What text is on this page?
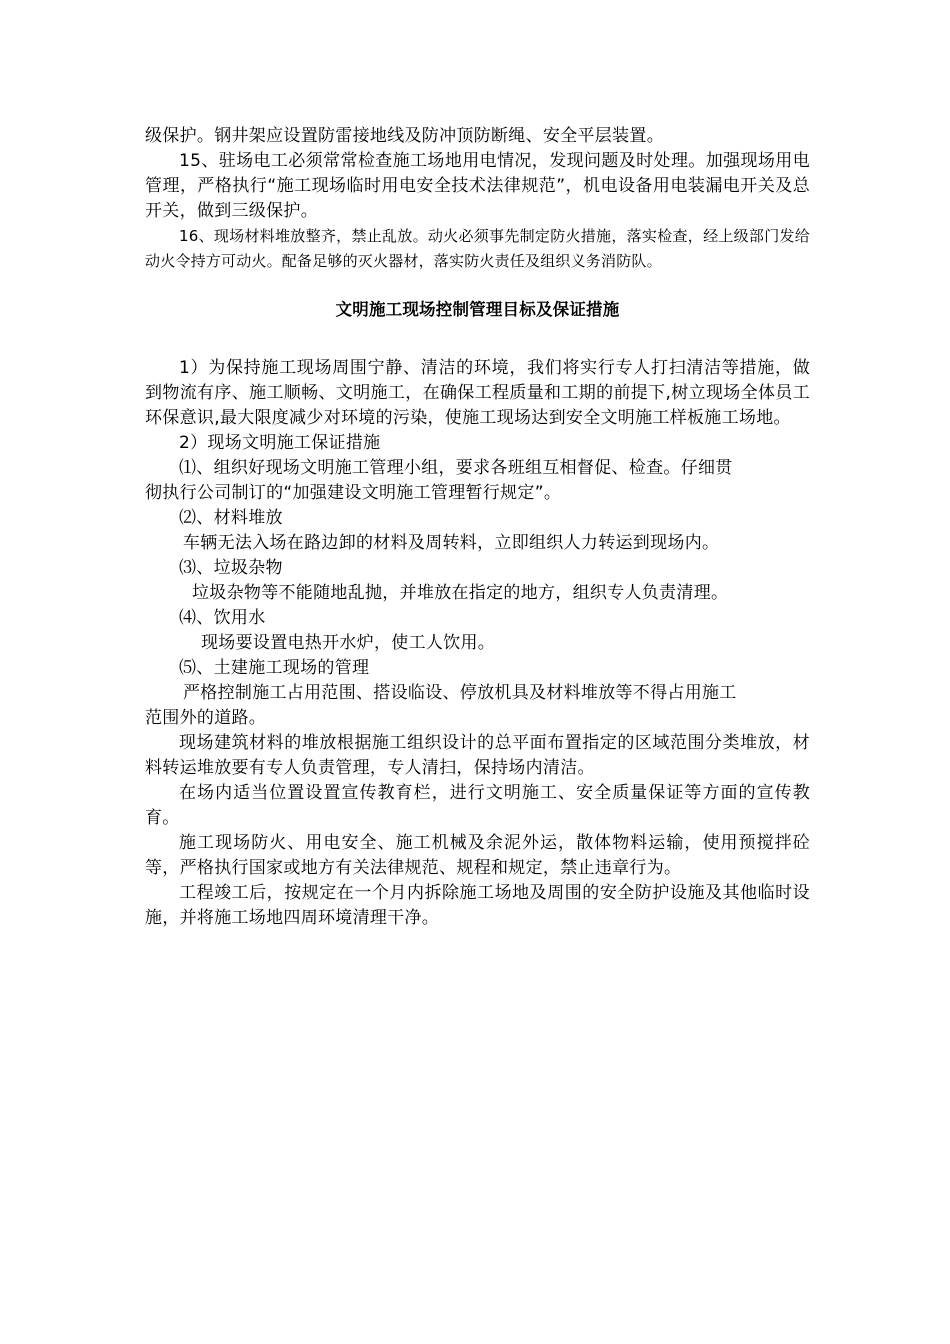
级保护。钢井架应设置防雷接地线及防冲顶防断绳、安全平层装置。

15、驻场电工必须常常检查施工场地用电情况，发现问题及时处理。加强现场用电管理，严格执行“施工现场临时用电安全技术法律规范”，机电设备用电装漏电开关及总开关，做到三级保护。

16、现场材料堆放整齐，禁止乱放。动火必须事先制定防火措施，落实检查，经上级部门发给动火令持方可动火。配备足够的灭火器材，落实防火责任及组织义务消防队。

文明施工现场控制管理目标及保证措施

1）为保持施工现场周围宁静、清洁的环境，我们将实行专人打扫清洁等措施，做到物流有序、施工顺畅、文明施工，在确保工程质量和工期的前提下,树立现场全体员工环保意识,最大限度减少对环境的污染，使施工现场达到安全文明施工样板施工场地。

2）现场文明施工保证措施

⑴、组织好现场文明施工管理小组，要求各班组互相督促、检查。仔细贯

彻执行公司制订的“加强建设文明施工管理暂行规定”。

⑵、材料堆放

车辆无法入场在路边卸的材料及周转料，立即组织人力转运到现场内。

⑶、垃圾杂物

垃圾杂物等不能随地乱抛，并堆放在指定的地方，组织专人负责清理。

⑷、饮用水

现场要设置电热开水炉，使工人饮用。

⑸、土建施工现场的管理

严格控制施工占用范围、搭设临设、停放机具及材料堆放等不得占用施工

范围外的道路。

现场建筑材料的堆放根据施工组织设计的总平面布置指定的区域范围分类堆放，材料转运堆放要有专人负责管理，专人清扫，保持场内清洁。

在场内适当位置设置宣传教育栏，进行文明施工、安全质量保证等方面的宣传教育。

施工现场防火、用电安全、施工机械及余泥外运，散体物料运输，使用预搅拌砼等，严格执行国家或地方有关法律规范、规程和规定，禁止违章行为。

工程竣工后，按规定在一个月内拆除施工场地及周围的安全防护设施及其他临时设施，并将施工场地四周环境清理干净。
